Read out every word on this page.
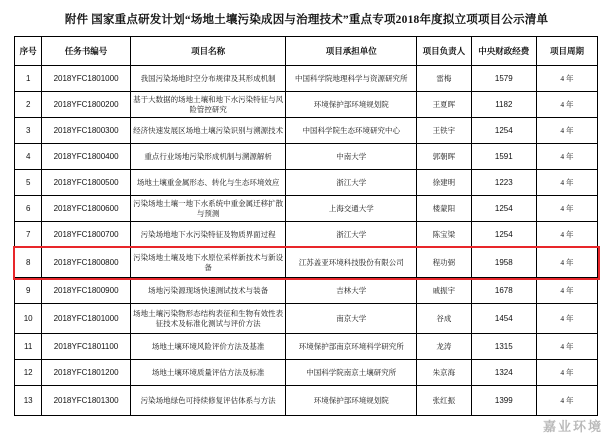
附件 国家重点研发计划“场地土壤污染成因与治理技术”重点专项2018年度拟立项项目公示清单
序号	任务书编号	项目名称	项目承担单位	项目负责人	中央财政经费	项目周期
1	2018YFC1801000	我国污染场地时空分布规律及其形成机制	中国科学院地理科学与资源研究所	雷梅	1579	4 年
2	2018YFC1800200	基于大数据的场地土壤和地下水污染特征与风险管控研究	环境保护部环境规划院	王夏晖	1182	4 年
3	2018YFC1800300	经济快速发展区场地土壤污染识别与溯源技术	中国科学院生态环境研究中心	王铁宇	1254	4 年
4	2018YFC1800400	重点行业场地污染形成机制与溯源解析	中南大学	郭朝晖	1591	4 年
5	2018YFC1800500	场地土壤重金属形态、转化与生态环境效应	浙江大学	徐建明	1223	4 年
6	2018YFC1800600	污染场地土壤一地下水系统中重金属迁移扩散与预测	上海交通大学	楼蒙阳	1254	4 年
7	2018YFC1800700	污染场地地下水污染特征及物质界面过程	浙江大学	陈宝梁	1254	4 年
8	2018YFC1800800	污染场地土壤及地下水原位采样新技术与新设备	江苏盖亚环境科技股份有限公司	程功弼	1958	4 年
9	2018YFC1800900	场地污染源现场快速测试技术与装备	吉林大学	戚振宇	1678	4 年
10	2018YFC1801000	场地土壤污染物形态结构表征和生物有效性表征技术及标准化测试与评价方法	南京大学	谷成	1454	4 年
11	2018YFC1801100	场地土壤环境风险评价方法及基准	环境保护部南京环境科学研究所	龙涛	1315	4 年
12	2018YFC1801200	场地土壤环境质量评估方法及标准	中国科学院南京土壤研究所	朱京海	1324	4 年
13	2018YFC1801300	污染场地绿色可持续修复评估体系与方法	环境保护部环境规划院	张红振	1399	4 年
嘉业环境
